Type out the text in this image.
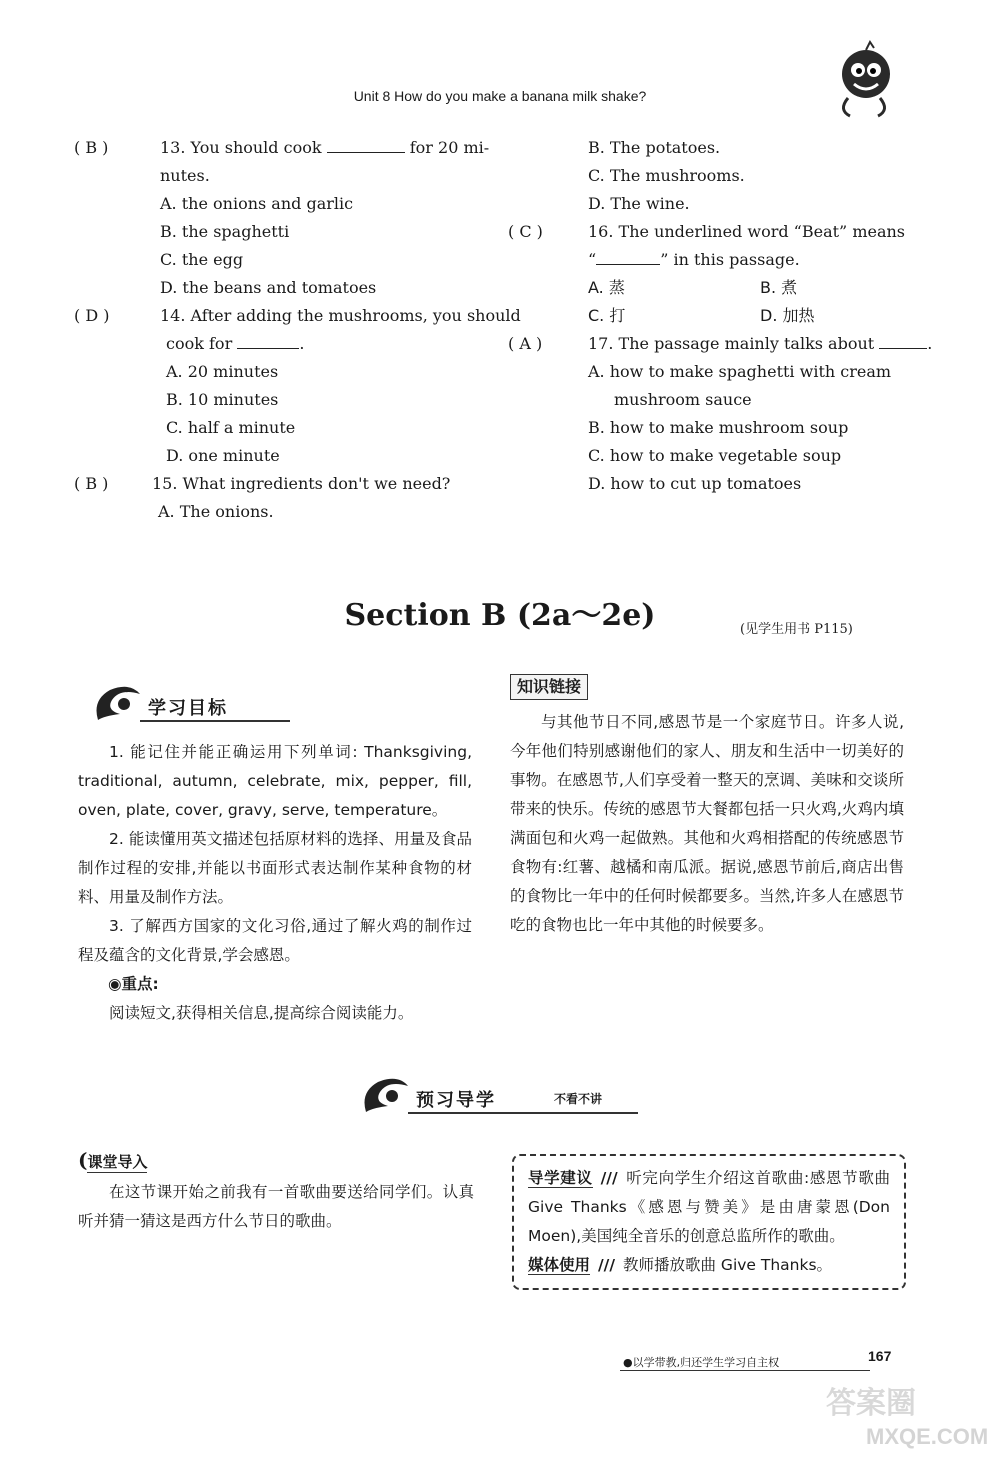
Unit 8 How do you make a banana milk shake?
( B )	13. You should cook	for 20 mi-
nutes.
A. the onions and garlic
B. the spaghetti
C. the egg
D. the beans and tomatoes
( D )	14. After adding the mushrooms, you should
cook for	.
A. 20 minutes
B. 10 minutes
C. half a minute
D. one minute
( B )	15. What ingredients don't we need?
A. The onions.
B. The potatoes.
C. The mushrooms.
D. The wine.
( C )	16. The underlined word “Beat” means
“	” in this passage.
A. 蒸	B. 煮
C. 打	D. 加热
( A )	17. The passage mainly talks about	.
A. how to make spaghetti with cream
mushroom sauce
B. how to make mushroom soup
C. how to make vegetable soup
D. how to cut up tomatoes
Section B (2a～2e)	(见学生用书 P115)
学习目标

1. 能记住并能正确运用下列单词: Thanksgiving, traditional, autumn, celebrate, mix, pepper, fill, oven, plate, cover, gravy, serve, temperature。

2. 能读懂用英文描述包括原材料的选择、用量及食品制作过程的安排,并能以书面形式表达制作某种食物的材料、用量及制作方法。

3. 了解西方国家的文化习俗,通过了解火鸡的制作过程及蕴含的文化背景,学会感恩。

◉重点:

阅读短文,获得相关信息,提高综合阅读能力。

知识链接

与其他节日不同,感恩节是一个家庭节日。许多人说,今年他们特别感谢他们的家人、朋友和生活中一切美好的事物。在感恩节,人们享受着一整天的烹调、美味和交谈所带来的快乐。传统的感恩节大餐都包括一只火鸡,火鸡内填满面包和火鸡一起做熟。其他和火鸡相搭配的传统感恩节食物有:红薯、越橘和南瓜派。据说,感恩节前后,商店出售的食物比一年中的任何时候都要多。当然,许多人在感恩节吃的食物也比一年中其他的时候要多。

预习导学	不看不讲
(课堂导入

在这节课开始之前我有一首歌曲要送给同学们。认真听并猜一猜这是西方什么节日的歌曲。

导学建议 /// 听完向学生介绍这首歌曲:感恩节歌曲 Give Thanks《感恩与赞美》是由唐蒙恩(Don Moen),美国纯全音乐的创意总监所作的歌曲。

媒体使用 /// 教师播放歌曲 Give Thanks。

●以学带教,归还学生学习自主权	167
答案圈
MXQE.COM
